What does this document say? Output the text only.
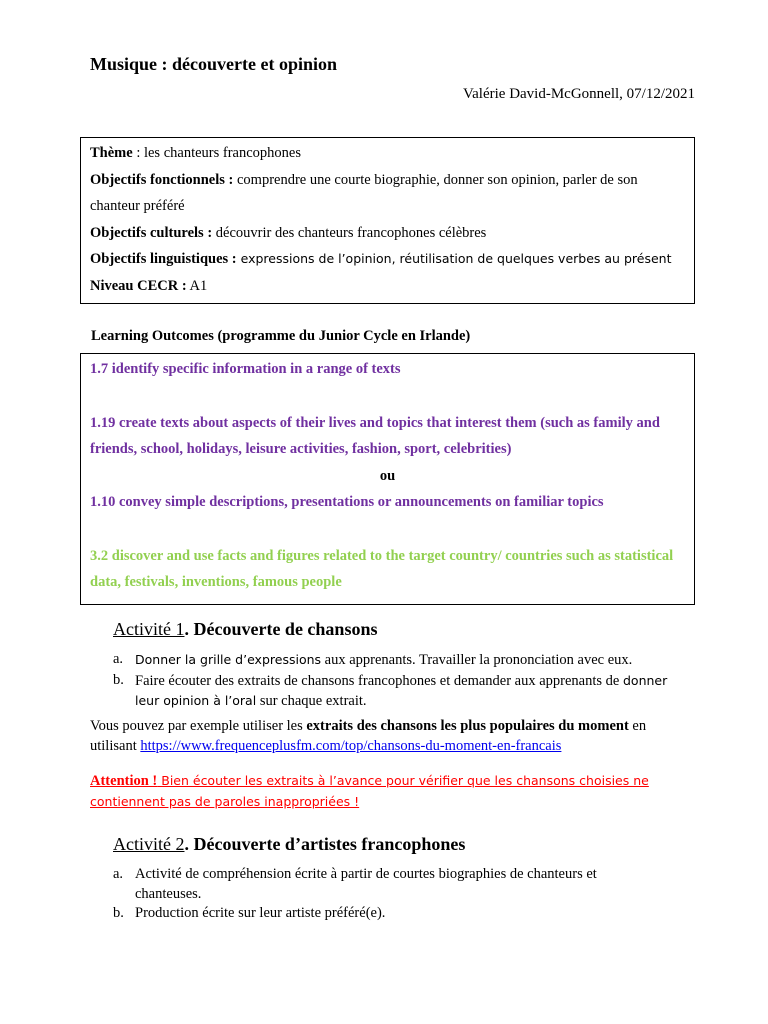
Musique : découverte et opinion
Valérie David-McGonnell, 07/12/2021
Thème : les chanteurs francophones
Objectifs fonctionnels : comprendre une courte biographie, donner son opinion, parler de son chanteur préféré
Objectifs culturels : découvrir des chanteurs francophones célèbres
Objectifs linguistiques : expressions de l’opinion, réutilisation de quelques verbes au présent
Niveau CECR : A1
Learning Outcomes (programme du Junior Cycle en Irlande)
1.7 identify specific information in a range of texts
1.19 create texts about aspects of their lives and topics that interest them (such as family and friends, school, holidays, leisure activities, fashion, sport, celebrities)
ou
1.10 convey simple descriptions, presentations or announcements on familiar topics
3.2 discover and use facts and figures related to the target country/ countries such as statistical data, festivals, inventions, famous people
Activité 1. Découverte de chansons
a. Donner la grille d’expressions aux apprenants. Travailler la prononciation avec eux.
b. Faire écouter des extraits de chansons francophones et demander aux apprenants de donner leur opinion à l’oral sur chaque extrait.
Vous pouvez par exemple utiliser les extraits des chansons les plus populaires du moment en utilisant https://www.frequenceplusfm.com/top/chansons-du-moment-en-francais
Attention ! Bien écouter les extraits à l’avance pour vérifier que les chansons choisies ne
contiennent pas de paroles inappropriées !
Activité 2. Découverte d’artistes francophones
a. Activité de compréhension écrite à partir de courtes biographies de chanteurs et chanteuses.
b. Production écrite sur leur artiste préféré(e).
